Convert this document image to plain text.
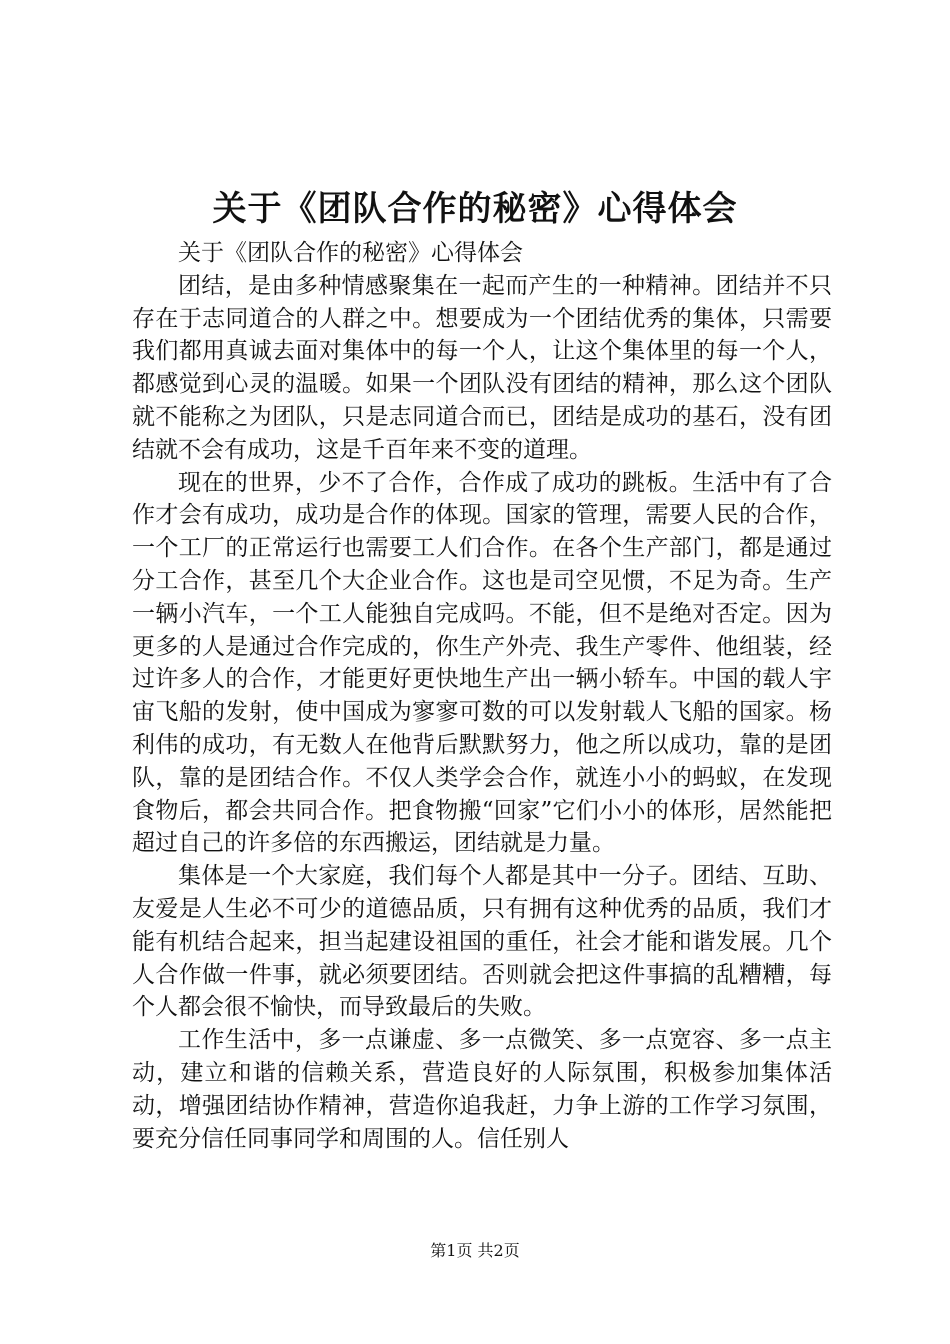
关于《团队合作的秘密》心得体会

关于《团队合作的秘密》心得体会

团结，是由多种情感聚集在一起而产生的一种精神。团结并不只存在于志同道合的人群之中。想要成为一个团结优秀的集体，只需要我们都用真诚去面对集体中的每一个人，让这个集体里的每一个人，都感觉到心灵的温暖。如果一个团队没有团结的精神，那么这个团队就不能称之为团队，只是志同道合而已，团结是成功的基石，没有团结就不会有成功，这是千百年来不变的道理。

现在的世界，少不了合作，合作成了成功的跳板。生活中有了合作才会有成功，成功是合作的体现。国家的管理，需要人民的合作，一个工厂的正常运行也需要工人们合作。在各个生产部门，都是通过分工合作，甚至几个大企业合作。这也是司空见惯，不足为奇。生产一辆小汽车，一个工人能独自完成吗。不能，但不是绝对否定。因为更多的人是通过合作完成的，你生产外壳、我生产零件、他组装，经过许多人的合作，才能更好更快地生产出一辆小轿车。中国的载人宇宙飞船的发射，使中国成为寥寥可数的可以发射载人飞船的国家。杨利伟的成功，有无数人在他背后默默努力，他之所以成功，靠的是团队，靠的是团结合作。不仅人类学会合作，就连小小的蚂蚁，在发现食物后，都会共同合作。把食物搬“回家”它们小小的体形，居然能把超过自己的许多倍的东西搬运，团结就是力量。

集体是一个大家庭，我们每个人都是其中一分子。团结、互助、友爱是人生必不可少的道德品质，只有拥有这种优秀的品质，我们才能有机结合起来，担当起建设祖国的重任，社会才能和谐发展。几个人合作做一件事，就必须要团结。否则就会把这件事搞的乱糟糟，每个人都会很不愉快，而导致最后的失败。

工作生活中，多一点谦虚、多一点微笑、多一点宽容、多一点主动，建立和谐的信赖关系，营造良好的人际氛围，积极参加集体活动，增强团结协作精神，营造你追我赶，力争上游的工作学习氛围，要充分信任同事同学和周围的人。信任别人

第1页 共2页
